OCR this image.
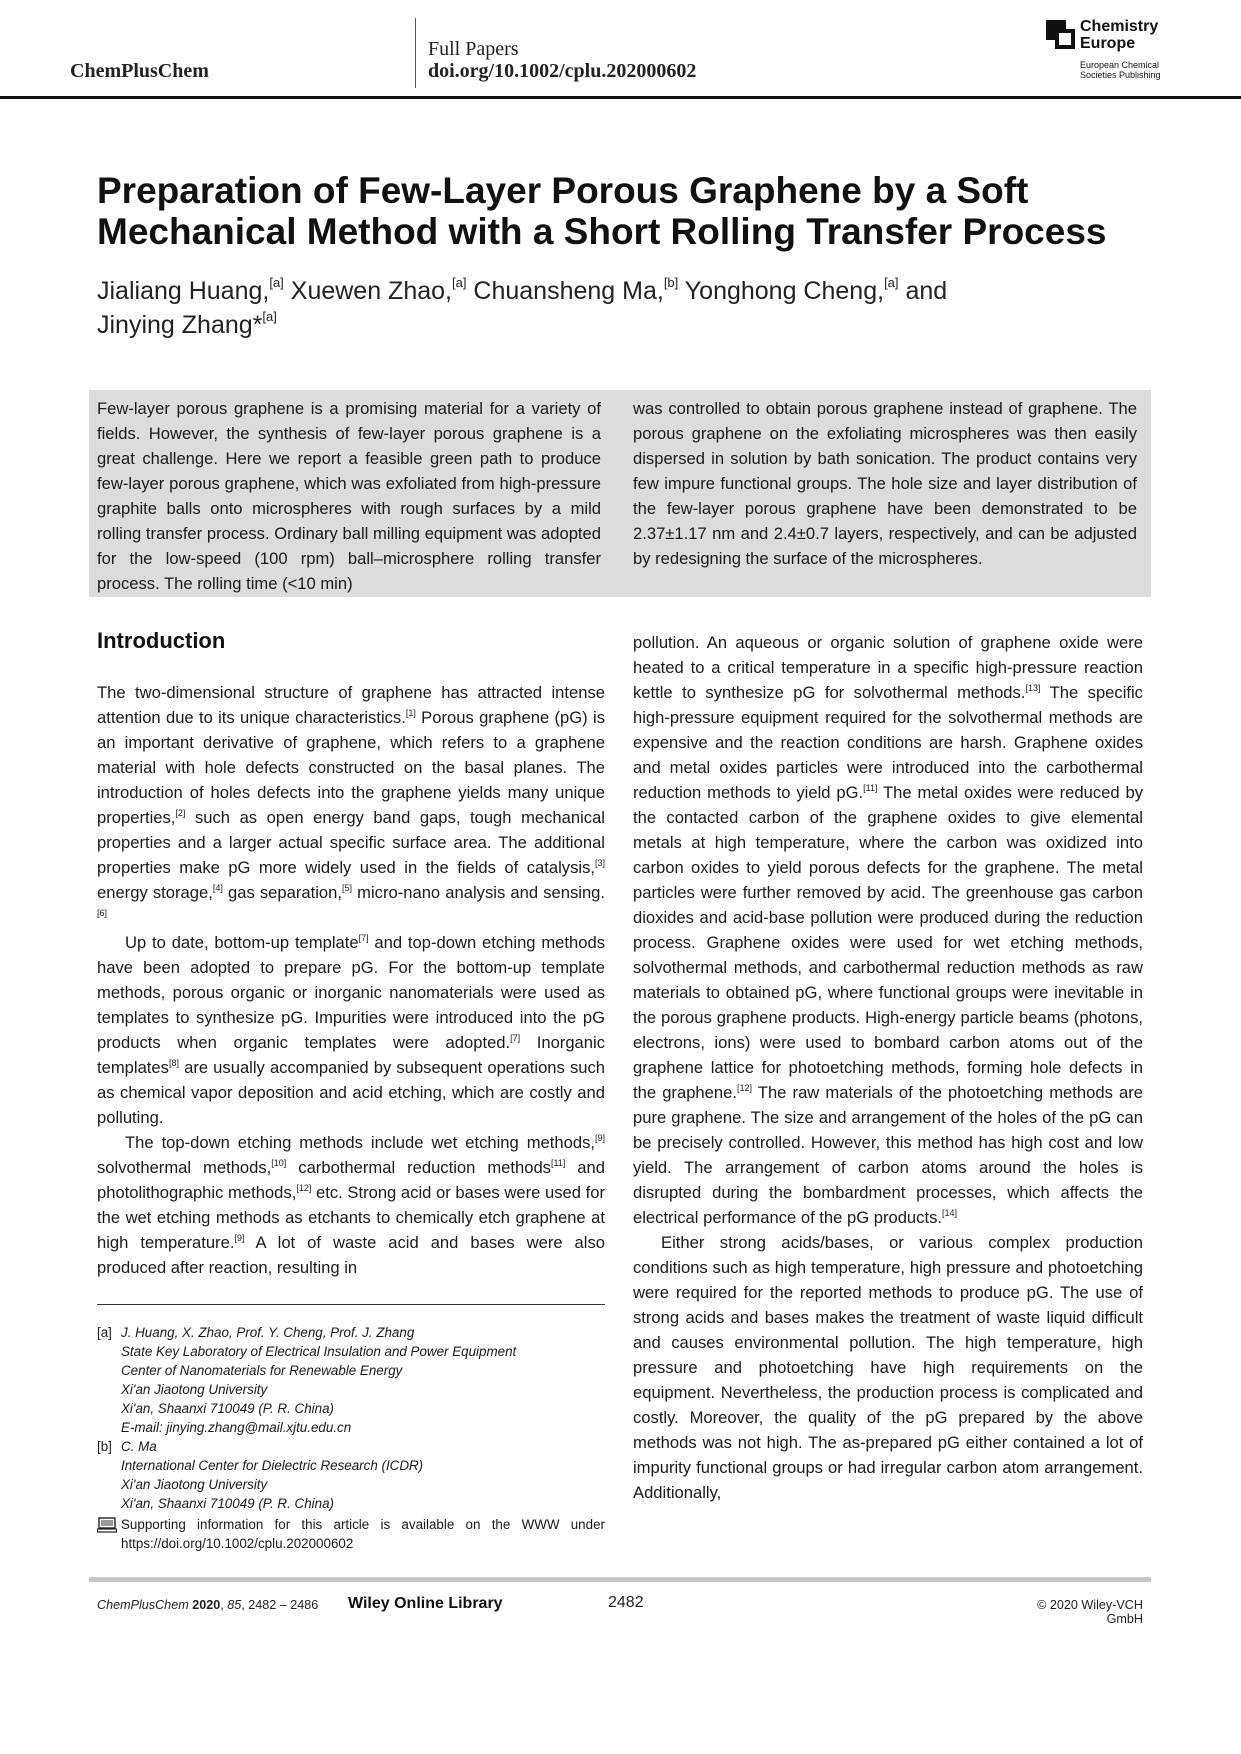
ChemPlusChem
Full Papers
doi.org/10.1002/cplu.202000602
Chemistry
Europe
European Chemical
Societies Publishing
Preparation of Few-Layer Porous Graphene by a Soft Mechanical Method with a Short Rolling Transfer Process
Jialiang Huang,[a] Xuewen Zhao,[a] Chuansheng Ma,[b] Yonghong Cheng,[a] and
Jinying Zhang*[a]
Few-layer porous graphene is a promising material for a variety of fields. However, the synthesis of few-layer porous graphene is a great challenge. Here we report a feasible green path to produce few-layer porous graphene, which was exfoliated from high-pressure graphite balls onto microspheres with rough surfaces by a mild rolling transfer process. Ordinary ball milling equipment was adopted for the low-speed (100 rpm) ball–microsphere rolling transfer process. The rolling time (<10 min)
was controlled to obtain porous graphene instead of graphene. The porous graphene on the exfoliating microspheres was then easily dispersed in solution by bath sonication. The product contains very few impure functional groups. The hole size and layer distribution of the few-layer porous graphene have been demonstrated to be 2.37±1.17 nm and 2.4±0.7 layers, respectively, and can be adjusted by redesigning the surface of the microspheres.
Introduction

The two-dimensional structure of graphene has attracted intense attention due to its unique characteristics.[1] Porous graphene (pG) is an important derivative of graphene, which refers to a graphene material with hole defects constructed on the basal planes. The introduction of holes defects into the graphene yields many unique properties,[2] such as open energy band gaps, tough mechanical properties and a larger actual specific surface area. The additional properties make pG more widely used in the fields of catalysis,[3] energy storage,[4] gas separation,[5] micro-nano analysis and sensing.[6]

Up to date, bottom-up template[7] and top-down etching methods have been adopted to prepare pG. For the bottom-up template methods, porous organic or inorganic nanomaterials were used as templates to synthesize pG. Impurities were introduced into the pG products when organic templates were adopted.[7] Inorganic templates[8] are usually accompanied by subsequent operations such as chemical vapor deposition and acid etching, which are costly and polluting.

The top-down etching methods include wet etching methods,[9] solvothermal methods,[10] carbothermal reduction methods[11] and photolithographic methods,[12] etc. Strong acid or bases were used for the wet etching methods as etchants to chemically etch graphene at high temperature.[9] A lot of waste acid and bases were also produced after reaction, resulting in

pollution. An aqueous or organic solution of graphene oxide were heated to a critical temperature in a specific high-pressure reaction kettle to synthesize pG for solvothermal methods.[13] The specific high-pressure equipment required for the solvothermal methods are expensive and the reaction conditions are harsh. Graphene oxides and metal oxides particles were introduced into the carbothermal reduction methods to yield pG.[11] The metal oxides were reduced by the contacted carbon of the graphene oxides to give elemental metals at high temperature, where the carbon was oxidized into carbon oxides to yield porous defects for the graphene. The metal particles were further removed by acid. The greenhouse gas carbon dioxides and acid-base pollution were produced during the reduction process. Graphene oxides were used for wet etching methods, solvothermal methods, and carbothermal reduction methods as raw materials to obtained pG, where functional groups were inevitable in the porous graphene products. High-energy particle beams (photons, electrons, ions) were used to bombard carbon atoms out of the graphene lattice for photoetching methods, forming hole defects in the graphene.[12] The raw materials of the photoetching methods are pure graphene. The size and arrangement of the holes of the pG can be precisely controlled. However, this method has high cost and low yield. The arrangement of carbon atoms around the holes is disrupted during the bombardment processes, which affects the electrical performance of the pG products.[14]

Either strong acids/bases, or various complex production conditions such as high temperature, high pressure and photoetching were required for the reported methods to produce pG. The use of strong acids and bases makes the treatment of waste liquid difficult and causes environmental pollution. The high temperature, high pressure and photoetching have high requirements on the equipment. Nevertheless, the production process is complicated and costly. Moreover, the quality of the pG prepared by the above methods was not high. The as-prepared pG either contained a lot of impurity functional groups or had irregular carbon atom arrangement. Additionally,

[a] J. Huang, X. Zhao, Prof. Y. Cheng, Prof. J. Zhang
State Key Laboratory of Electrical Insulation and Power Equipment
Center of Nanomaterials for Renewable Energy
Xi'an Jiaotong University
Xi'an, Shaanxi 710049 (P. R. China)
E-mail: jinying.zhang@mail.xjtu.edu.cn
[b] C. Ma
International Center for Dielectric Research (ICDR)
Xi'an Jiaotong University
Xi'an, Shaanxi 710049 (P. R. China)
Supporting information for this article is available on the WWW under https://doi.org/10.1002/cplu.202000602
ChemPlusChem 2020, 85, 2482 – 2486 Wiley Online Library	2482	© 2020 Wiley-VCH GmbH
